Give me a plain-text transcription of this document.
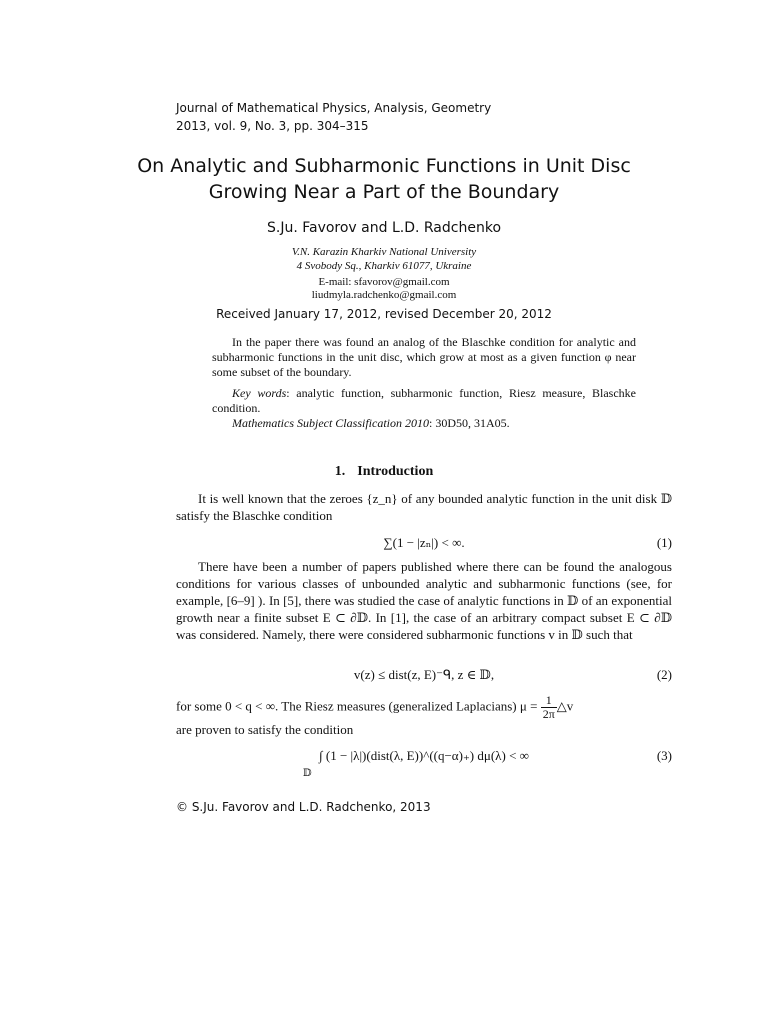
Journal of Mathematical Physics, Analysis, Geometry
2013, vol. 9, No. 3, pp. 304–315
On Analytic and Subharmonic Functions in Unit Disc
Growing Near a Part of the Boundary
S.Ju. Favorov and L.D. Radchenko
V.N. Karazin Kharkiv National University
4 Svobody Sq., Kharkiv 61077, Ukraine
E-mail: sfavorov@gmail.com
liudmyla.radchenko@gmail.com
Received January 17, 2012, revised December 20, 2012

In the paper there was found an analog of the Blaschke condition for analytic and subharmonic functions in the unit disc, which grow at most as a given function φ near some subset of the boundary.

Key words: analytic function, subharmonic function, Riesz measure, Blaschke condition.

Mathematics Subject Classification 2010: 30D50, 31A05.

1. Introduction

It is well known that the zeroes {z_n} of any bounded analytic function in the unit disk 𝔻 satisfy the Blaschke condition

∑(1 − |zₙ|) < ∞.	(1)

There have been a number of papers published where there can be found the analogous conditions for various classes of unbounded analytic and subharmonic functions (see, for example, [6–9] ). In [5], there was studied the case of analytic functions in 𝔻 of an exponential growth near a finite subset E ⊂ ∂𝔻. In [1], the case of an arbitrary compact subset E ⊂ ∂𝔻 was considered. Namely, there were considered subharmonic functions v in 𝔻 such that

v(z) ≤ dist(z, E)⁻ᑫ, z ∈ 𝔻,	(2)
for some 0 < q < ∞. The Riesz measures (generalized Laplacians) $\mu = \frac{1}{2\pi}$ △v
are proven to satisfy the condition
∫ (1 − |λ|)(dist(λ, E))^((q−α)₊) dμ(λ) < ∞
𝔻
(3)
© S.Ju. Favorov and L.D. Radchenko, 2013
